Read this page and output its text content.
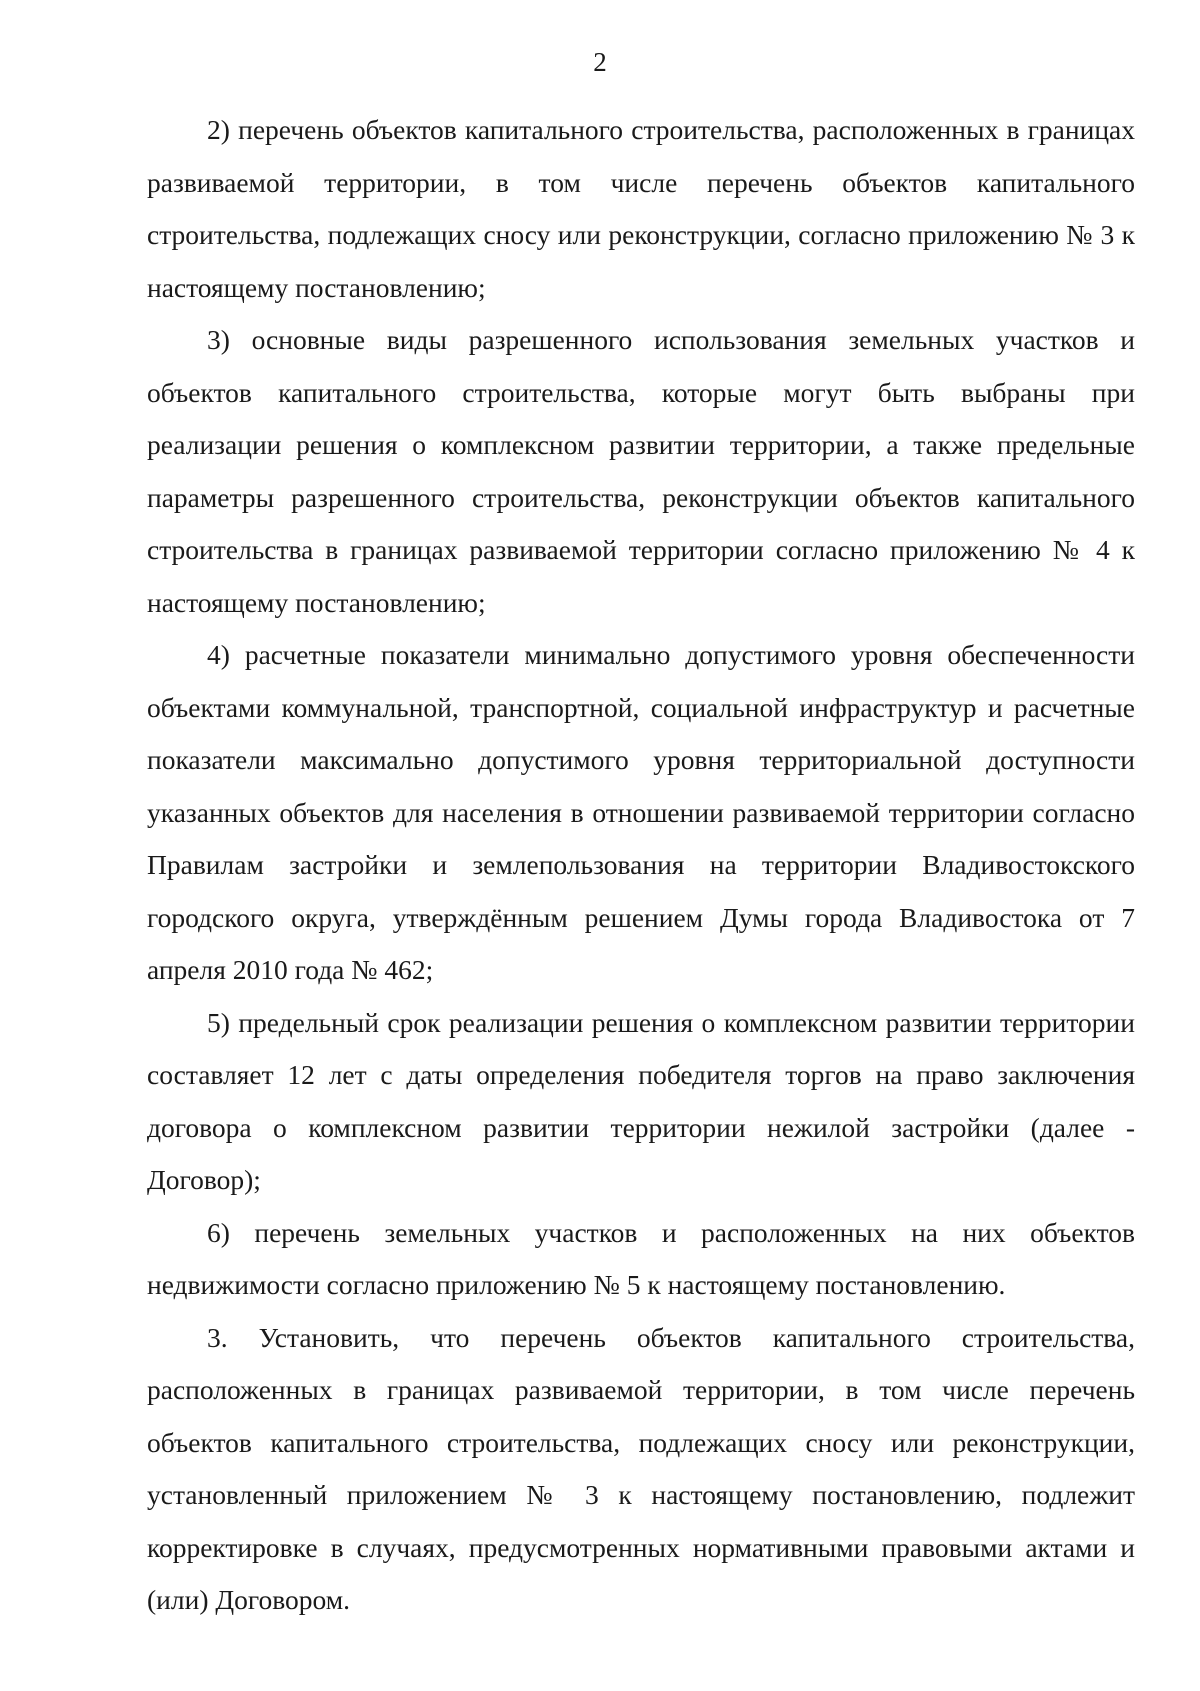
2

2) перечень объектов капитального строительства, расположенных в границах развиваемой территории, в том числе перечень объектов капитального строительства, подлежащих сносу или реконструкции, согласно приложению № 3 к настоящему постановлению;

3) основные виды разрешенного использования земельных участков и объектов капитального строительства, которые могут быть выбраны при реализации решения о комплексном развитии территории, а также предельные параметры разрешенного строительства, реконструкции объектов капитального строительства в границах развиваемой территории согласно приложению № 4 к настоящему постановлению;

4) расчетные показатели минимально допустимого уровня обеспеченности объектами коммунальной, транспортной, социальной инфраструктур и расчетные показатели максимально допустимого уровня территориальной доступности указанных объектов для населения в отношении развиваемой территории согласно Правилам застройки и землепользования на территории Владивостокского городского округа, утверждённым решением Думы города Владивостока от 7 апреля 2010 года № 462;

5) предельный срок реализации решения о комплексном развитии территории составляет 12 лет с даты определения победителя торгов на право заключения договора о комплексном развитии территории нежилой застройки (далее - Договор);

6) перечень земельных участков и расположенных на них объектов недвижимости согласно приложению № 5 к настоящему постановлению.

3. Установить, что перечень объектов капитального строительства, расположенных в границах развиваемой территории, в том числе перечень объектов капитального строительства, подлежащих сносу или реконструкции, установленный приложением № 3 к настоящему постановлению, подлежит корректировке в случаях, предусмотренных нормативными правовыми актами и (или) Договором.
